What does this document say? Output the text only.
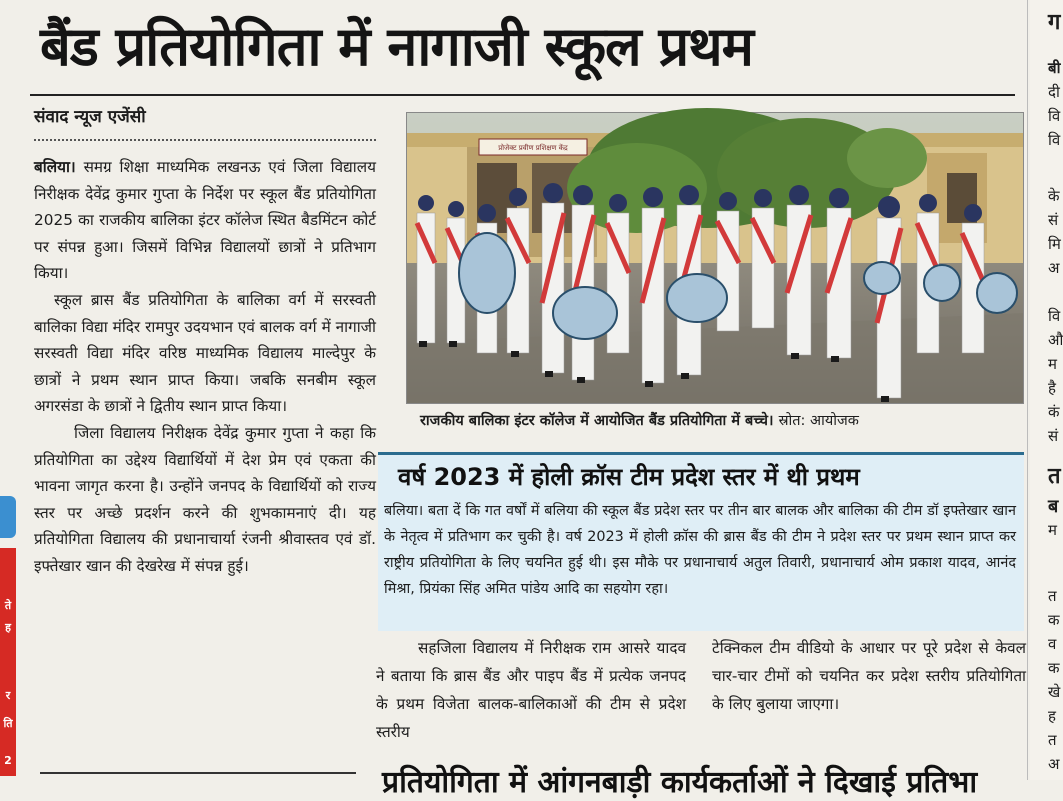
बैंड प्रतियोगिता में नागाजी स्कूल प्रथम
संवाद न्यूज एजेंसी

बलिया। समग्र शिक्षा माध्यमिक लखनऊ एवं जिला विद्यालय निरीक्षक देवेंद्र कुमार गुप्ता के निर्देश पर स्कूल बैंड प्रतियोगिता 2025 का राजकीय बालिका इंटर कॉलेज स्थित बैडमिंटन कोर्ट पर संपन्न हुआ। जिसमें विभिन्न विद्यालयों छात्रों ने प्रतिभाग किया।

स्कूल ब्रास बैंड प्रतियोगिता के बालिका वर्ग में सरस्वती बालिका विद्या मंदिर रामपुर उदयभान एवं बालक वर्ग में नागाजी सरस्वती विद्या मंदिर वरिष्ठ माध्यमिक विद्यालय माल्देपुर के छात्रों ने प्रथम स्थान प्राप्त किया। जबकि सनबीम स्कूल अगरसंडा के छात्रों ने द्वितीय स्थान प्राप्त किया।

जिला विद्यालय निरीक्षक देवेंद्र कुमार गुप्ता ने कहा कि प्रतियोगिता का उद्देश्य विद्यार्थियों में देश प्रेम एवं एकता की भावना जागृत करना है। उन्होंने जनपद के विद्यार्थियों को राज्य स्तर पर अच्छे प्रदर्शन करने की शुभकामनाएं दी। यह प्रतियोगिता विद्यालय की प्रधानाचार्या रंजनी श्रीवास्तव एवं डॉ. इफ्तेखार खान की देखरेख में संपन्न हुई।

प्रोजेक्ट प्रवीण प्रशिक्षण केंद्र
राजकीय बालिका इंटर कॉलेज में आयोजित बैंड प्रतियोगिता में बच्चे। स्रोत: आयोजक
वर्ष 2023 में होली क्रॉस टीम प्रदेश स्तर में थी प्रथम
बलिया। बता दें कि गत वर्षों में बलिया की स्कूल बैंड प्रदेश स्तर पर तीन बार बालक और बालिका की टीम डॉ इफ्तेखार खान के नेतृत्व में प्रतिभाग कर चुकी है। वर्ष 2023 में होली क्रॉस की ब्रास बैंड की टीम ने प्रदेश स्तर पर प्रथम स्थान प्राप्त कर राष्ट्रीय प्रतियोगिता के लिए चयनित हुई थी। इस मौके पर प्रधानाचार्य अतुल तिवारी, प्रधानाचार्य ओम प्रकाश यादव, आनंद मिश्रा, प्रियंका सिंह अमित पांडेय आदि का सहयोग रहा।

सहजिला विद्यालय में निरीक्षक राम आसरे यादव ने बताया कि ब्रास बैंड और पाइप बैंड में प्रत्येक जनपद के प्रथम विजेता बालक-बालिकाओं की टीम से प्रदेश स्तरीय

टेक्निकल टीम वीडियो के आधार पर पूरे प्रदेश से केवल चार-चार टीमों को चयनित कर प्रदेश स्तरीय प्रतियोगिता के लिए बुलाया जाएगा।

प्रतियोगिता में आंगनबाड़ी कार्यकर्ताओं ने दिखाई प्रतिभा
ग
बी
दी
वि
वि
के
सं
मि
अ
वि
औ
म
है
कं
सं
त
ब
म
त
क
व
क
खे
ह
त
अ
ते
ह
र
ति
2
